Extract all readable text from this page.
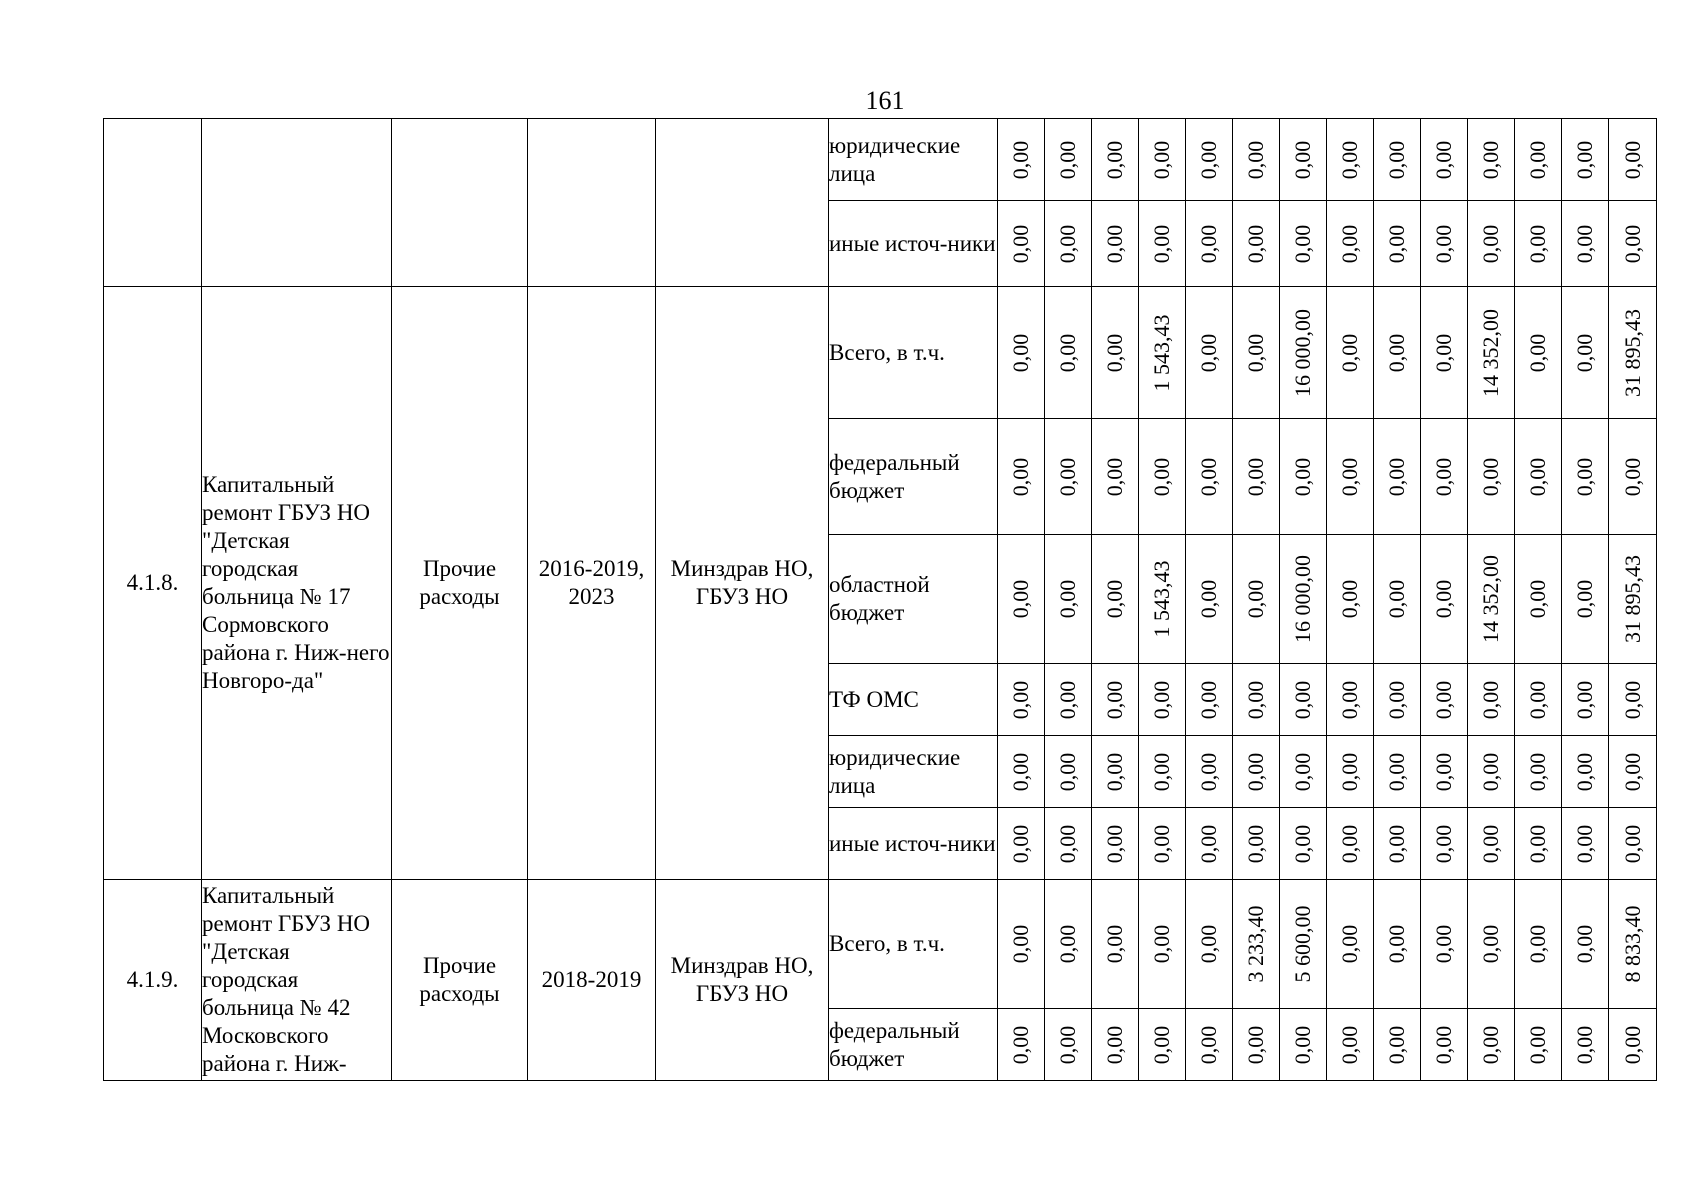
161
					юридические лица	0,00	0,00	0,00	0,00	0,00	0,00	0,00	0,00	0,00	0,00	0,00	0,00	0,00	0,00

					иные источ-ники	0,00	0,00	0,00	0,00	0,00	0,00	0,00	0,00	0,00	0,00	0,00	0,00	0,00	0,00

4.1.8.	Капитальный ремонт ГБУЗ НО "Детская городская больница № 17 Сормовского района г. Ниж-него Новгоро-да"	Прочие расходы	2016-2019, 2023	Минздрав НО, ГБУЗ НО	Всего, в т.ч.	0,00	0,00	0,00	1 543,43	0,00	0,00	16 000,00	0,00	0,00	0,00	14 352,00	0,00	0,00	31 895,43

					федеральный бюджет	0,00	0,00	0,00	0,00	0,00	0,00	0,00	0,00	0,00	0,00	0,00	0,00	0,00	0,00

					областной бюджет	0,00	0,00	0,00	1 543,43	0,00	0,00	16 000,00	0,00	0,00	0,00	14 352,00	0,00	0,00	31 895,43

					ТФ ОМС	0,00	0,00	0,00	0,00	0,00	0,00	0,00	0,00	0,00	0,00	0,00	0,00	0,00	0,00

					юридические лица	0,00	0,00	0,00	0,00	0,00	0,00	0,00	0,00	0,00	0,00	0,00	0,00	0,00	0,00

					иные источ-ники	0,00	0,00	0,00	0,00	0,00	0,00	0,00	0,00	0,00	0,00	0,00	0,00	0,00	0,00

4.1.9.	Капитальный ремонт ГБУЗ НО "Детская городская больница № 42 Московского района г. Ниж-	Прочие расходы	2018-2019	Минздрав НО, ГБУЗ НО	Всего, в т.ч.	0,00	0,00	0,00	0,00	0,00	3 233,40	5 600,00	0,00	0,00	0,00	0,00	0,00	0,00	8 833,40

					федеральный бюджет	0,00	0,00	0,00	0,00	0,00	0,00	0,00	0,00	0,00	0,00	0,00	0,00	0,00	0,00
